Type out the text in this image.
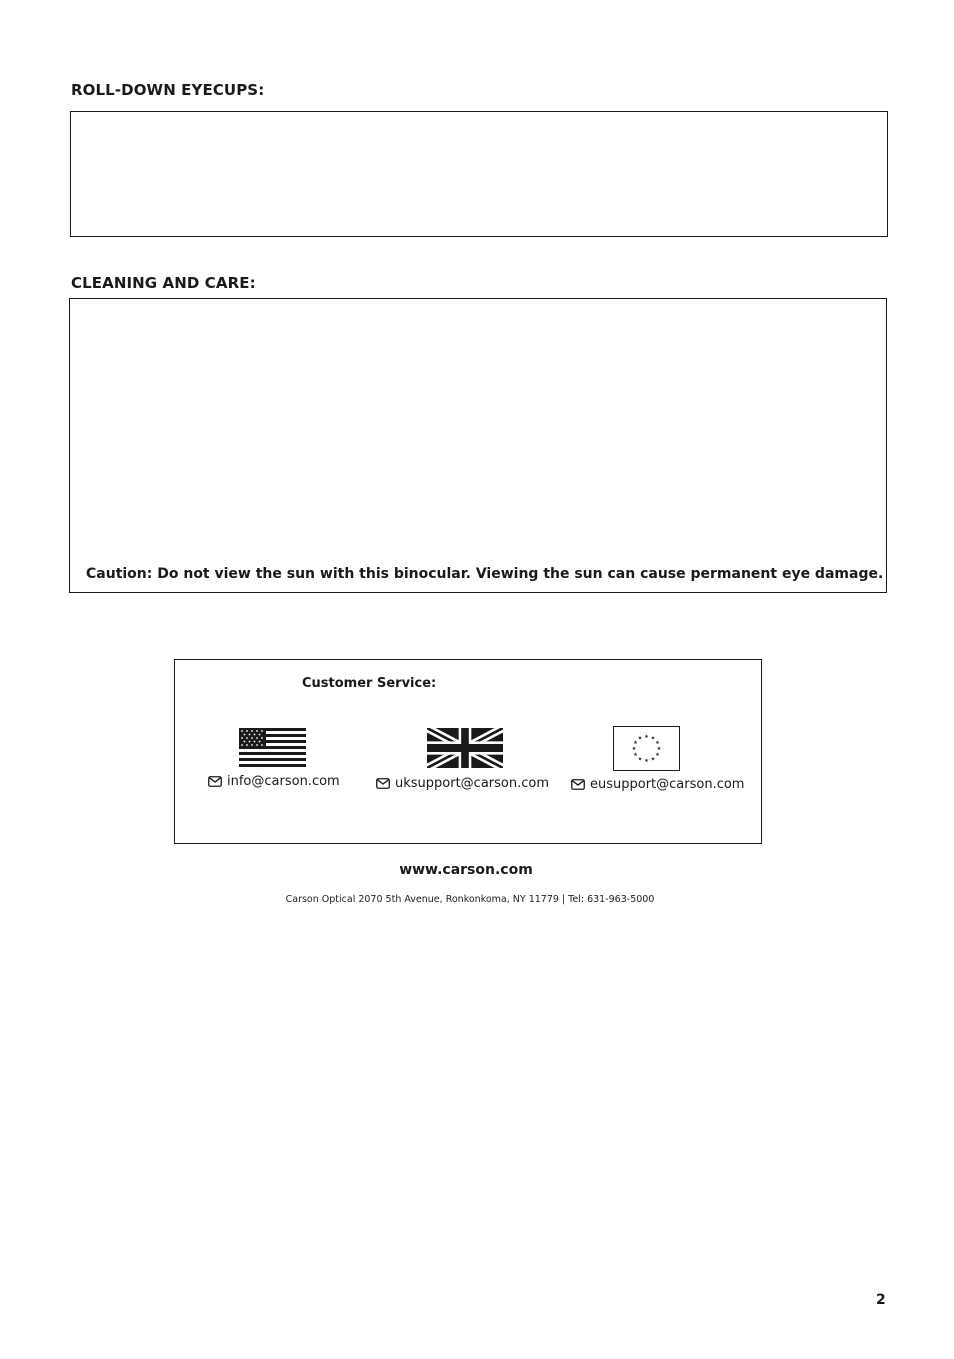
ROLL-DOWN EYECUPS:
CLEANING AND CARE:

Caution: Do not view the sun with this binocular. Viewing the sun can cause permanent eye damage.

Customer Service:

★ ★
★
★
★
★
★
★
★
★
★
★
info@carson.com	uksupport@carson.com	eusupport@carson.com

www.carson.com

Carson Optical 2070 5th Avenue, Ronkonkoma, NY 11779 | Tel: 631-963-5000

2
